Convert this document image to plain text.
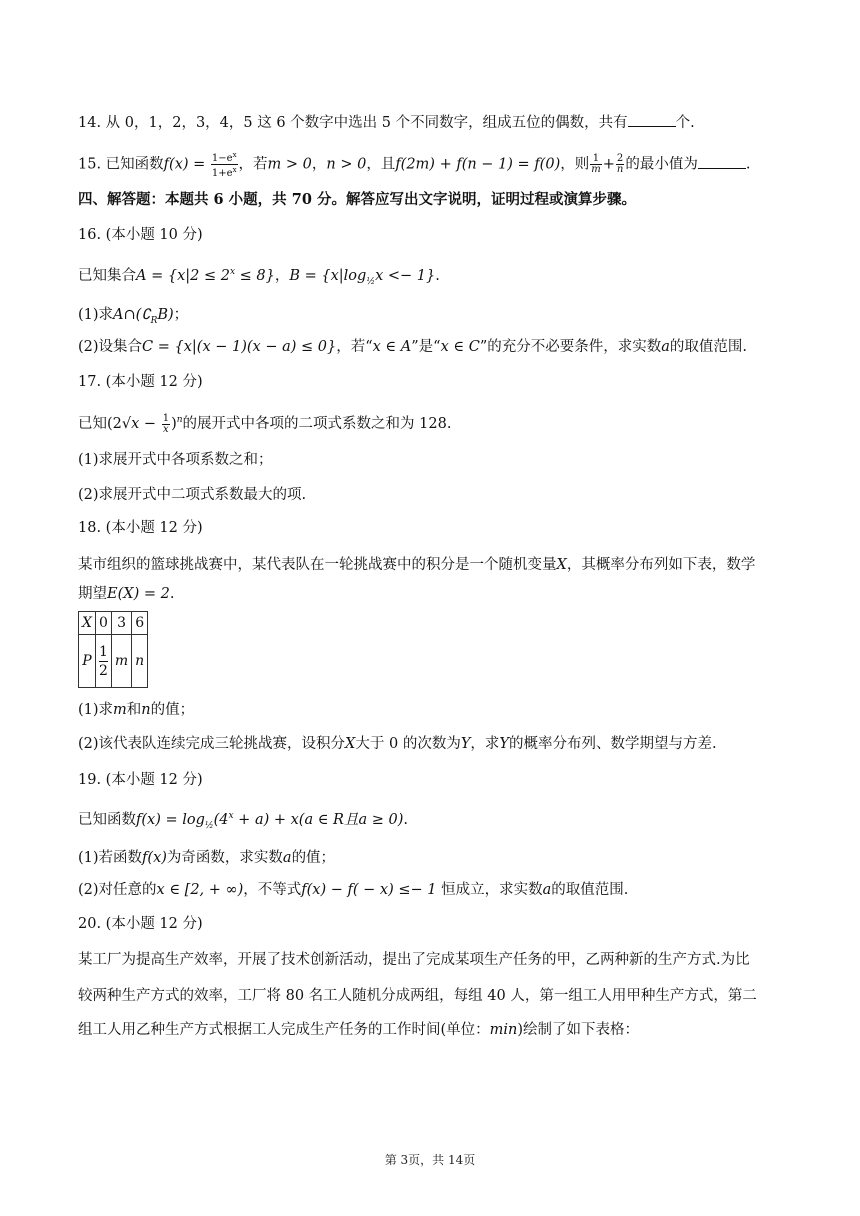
14. 从 0，1，2，3，4，5 这 6 个数字中选出 5 个不同数字，组成五位的偶数，共有	个.
15. 已知函数$f(x) = \frac{1-e^x}{1+e^x}$ ，若m > 0，n > 0，且f(2m) + f(n − 1) = f(0)，则 $\frac{1}{m} + \frac{2}{n}$ 的最小值为	.
四、解答题：本题共 6 小题，共 70 分。解答应写出文字说明，证明过程或演算步骤。
16. (本小题 10 分)
已知集合$A = \{x|2 \le 2^x \le 8\}$，$B = \{x|\log_{\frac{1}{2}}x <- 1\}$.
(1)求$A\cap(∁_RB)$；
(2)设集合C = {x|(x − 1)(x − a) ≤ 0}，若“x ∈ A”是“x ∈ C”的充分不必要条件，求实数a的取值范围.
17. (本小题 12 分)
已知$(2√x - \frac{1}{x} )^n$的展开式中各项的二项式系数之和为 128.
(1)求展开式中各项系数之和；
(2)求展开式中二项式系数最大的项.
18. (本小题 12 分)
某市组织的篮球挑战赛中，某代表队在一轮挑战赛中的积分是一个随机变量X，其概率分布列如下表，数学
期望E(X) = 2.
X	0	3	6
P	$\frac{1}{2}$	m	n
(1)求m和n的值；
(2)该代表队连续完成三轮挑战赛，设积分X大于 0 的次数为Y，求Y的概率分布列、数学期望与方差.
19. (本小题 12 分)
已知函数$f(x) = \log_{\frac{1}{2}}(4^x + a) + x(a$ ∈ R且a ≥ 0).
(1)若函数f(x)为奇函数，求实数a的值；
(2)对任意的x ∈ [2, + ∞)，不等式f(x) − f( − x) ≤− 1 恒成立，求实数a的取值范围.
20. (本小题 12 分)
某工厂为提高生产效率，开展了技术创新活动，提出了完成某项生产任务的甲，乙两种新的生产方式.为比
较两种生产方式的效率，工厂将 80 名工人随机分成两组，每组 40 人，第一组工人用甲种生产方式，第二
组工人用乙种生产方式根据工人完成生产任务的工作时间(单位：min)绘制了如下表格：
第 3页，共 14页
